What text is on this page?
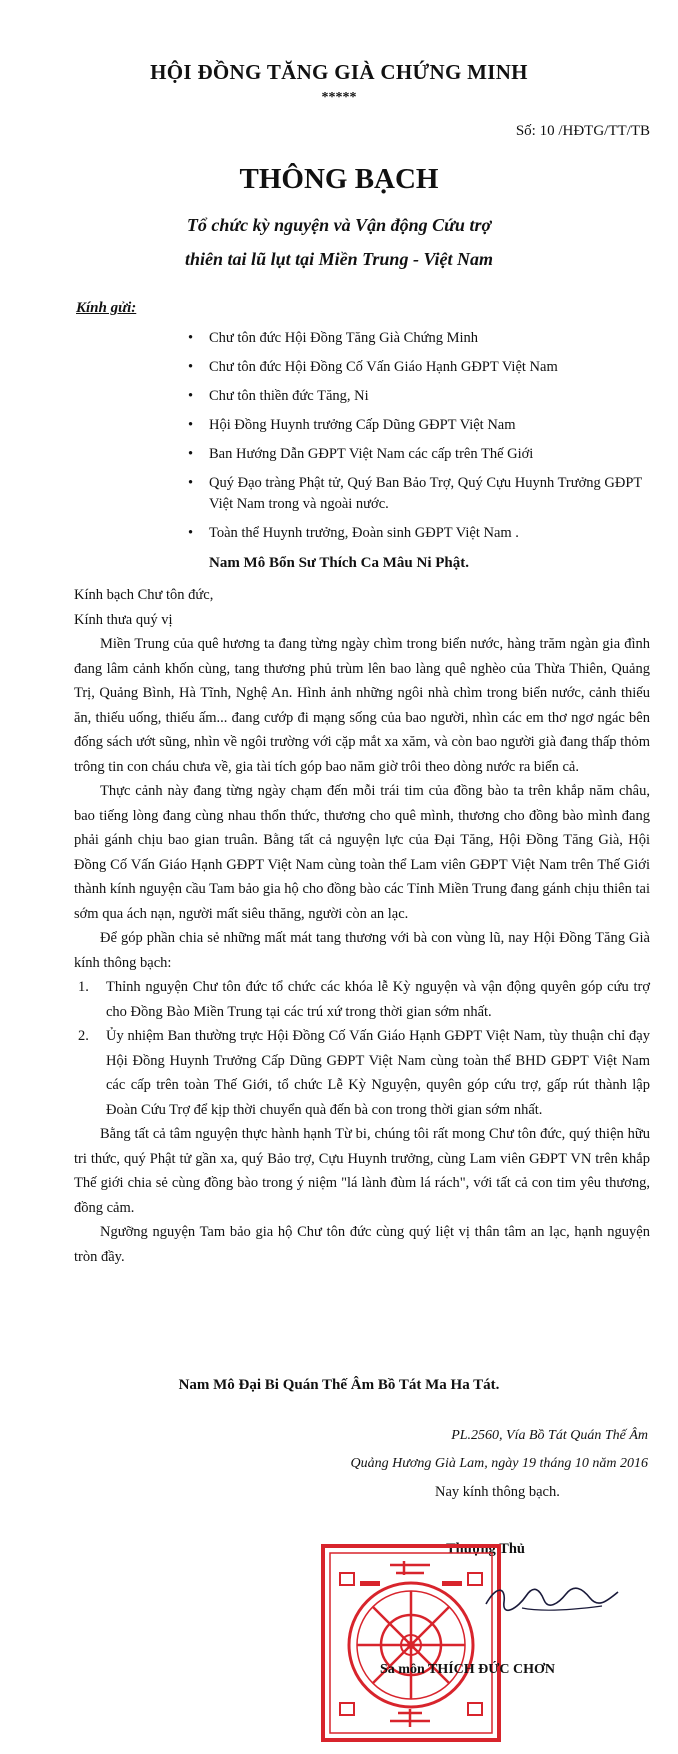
HỘI ĐỒNG TĂNG GIÀ CHỨNG MINH
*****
Số: 10 /HĐTG/TT/TB
THÔNG BẠCH
Tổ chức kỳ nguyện và Vận động Cứu trợ
thiên tai lũ lụt tại Miền Trung - Việt Nam
Kính gửi:
• Chư tôn đức Hội Đồng Tăng Già Chứng Minh
• Chư tôn đức Hội Đồng Cố Vấn Giáo Hạnh GĐPT Việt Nam
• Chư tôn thiền đức Tăng, Ni
• Hội Đồng Huynh trưởng Cấp Dũng GĐPT Việt Nam
• Ban Hướng Dẫn GĐPT Việt Nam các cấp trên Thế Giới
• Quý Đạo tràng Phật tử, Quý Ban Bảo Trợ, Quý Cựu Huynh Trưởng GĐPT Việt Nam trong và ngoài nước.
• Toàn thể Huynh trưởng, Đoàn sinh GĐPT Việt Nam .
Nam Mô Bổn Sư Thích Ca Mâu Ni Phật.

Kính bạch Chư tôn đức,

Kính thưa quý vị

Miền Trung của quê hương ta đang từng ngày chìm trong biển nước, hàng trăm ngàn gia đình đang lâm cảnh khốn cùng, tang thương phủ trùm lên bao làng quê nghèo của Thừa Thiên, Quảng Trị, Quảng Bình, Hà Tĩnh, Nghệ An. Hình ảnh những ngôi nhà chìm trong biển nước, cảnh thiếu ăn, thiếu uống, thiếu ấm... đang cướp đi mạng sống của bao người, nhìn các em thơ ngơ ngác bên đống sách ướt sũng, nhìn về ngôi trường với cặp mắt xa xăm, và còn bao người già đang thấp thỏm trông tin con cháu chưa về, gia tài tích góp bao năm giờ trôi theo dòng nước ra biển cả.

Thực cảnh này đang từng ngày chạm đến mỗi trái tim của đồng bào ta trên khắp năm châu, bao tiếng lòng đang cùng nhau thổn thức, thương cho quê mình, thương cho đồng bào mình đang phải gánh chịu bao gian truân. Bằng tất cả nguyện lực của Đại Tăng, Hội Đồng Tăng Già, Hội Đồng Cố Vấn Giáo Hạnh GĐPT Việt Nam cùng toàn thể Lam viên GĐPT Việt Nam trên Thế Giới thành kính nguyện cầu Tam bảo gia hộ cho đồng bào các Tỉnh Miền Trung đang gánh chịu thiên tai sớm qua ách nạn, người mất siêu thăng, người còn an lạc.

Để góp phần chia sẻ những mất mát tang thương với bà con vùng lũ, nay Hội Đồng Tăng Già kính thông bạch:

1. Thỉnh nguyện Chư tôn đức tổ chức các khóa lễ Kỳ nguyện và vận động quyên góp cứu trợ cho Đồng Bào Miền Trung tại các trú xứ trong thời gian sớm nhất.
2. Ủy nhiệm Ban thường trực Hội Đồng Cố Vấn Giáo Hạnh GĐPT Việt Nam, tùy thuận chỉ đạy Hội Đồng Huynh Trưởng Cấp Dũng GĐPT Việt Nam cùng toàn thể BHD GĐPT Việt Nam các cấp trên toàn Thế Giới, tổ chức Lễ Kỳ Nguyện, quyên góp cứu trợ, gấp rút thành lập Đoàn Cứu Trợ để kịp thời chuyển quà đến bà con trong thời gian sớm nhất.

Bằng tất cả tâm nguyện thực hành hạnh Từ bi, chúng tôi rất mong Chư tôn đức, quý thiện hữu tri thức, quý Phật tử gần xa, quý Bảo trợ, Cựu Huynh trưởng, cùng Lam viên GĐPT VN trên khắp Thế giới chia sẻ cùng đồng bào trong ý niệm "lá lành đùm lá rách", với tất cả con tim yêu thương, đồng cảm.

Ngưỡng nguyện Tam bảo gia hộ Chư tôn đức cùng quý liệt vị thân tâm an lạc, hạnh nguyện tròn đầy.

Nam Mô Đại Bi Quán Thế Âm Bồ Tát Ma Ha Tát.
PL.2560, Vía Bồ Tát Quán Thế Âm
Quảng Hương Già Lam, ngày 19 tháng 10 năm 2016
Nay kính thông bạch.
Thượng Thủ
Sa môn THÍCH ĐỨC CHƠN
